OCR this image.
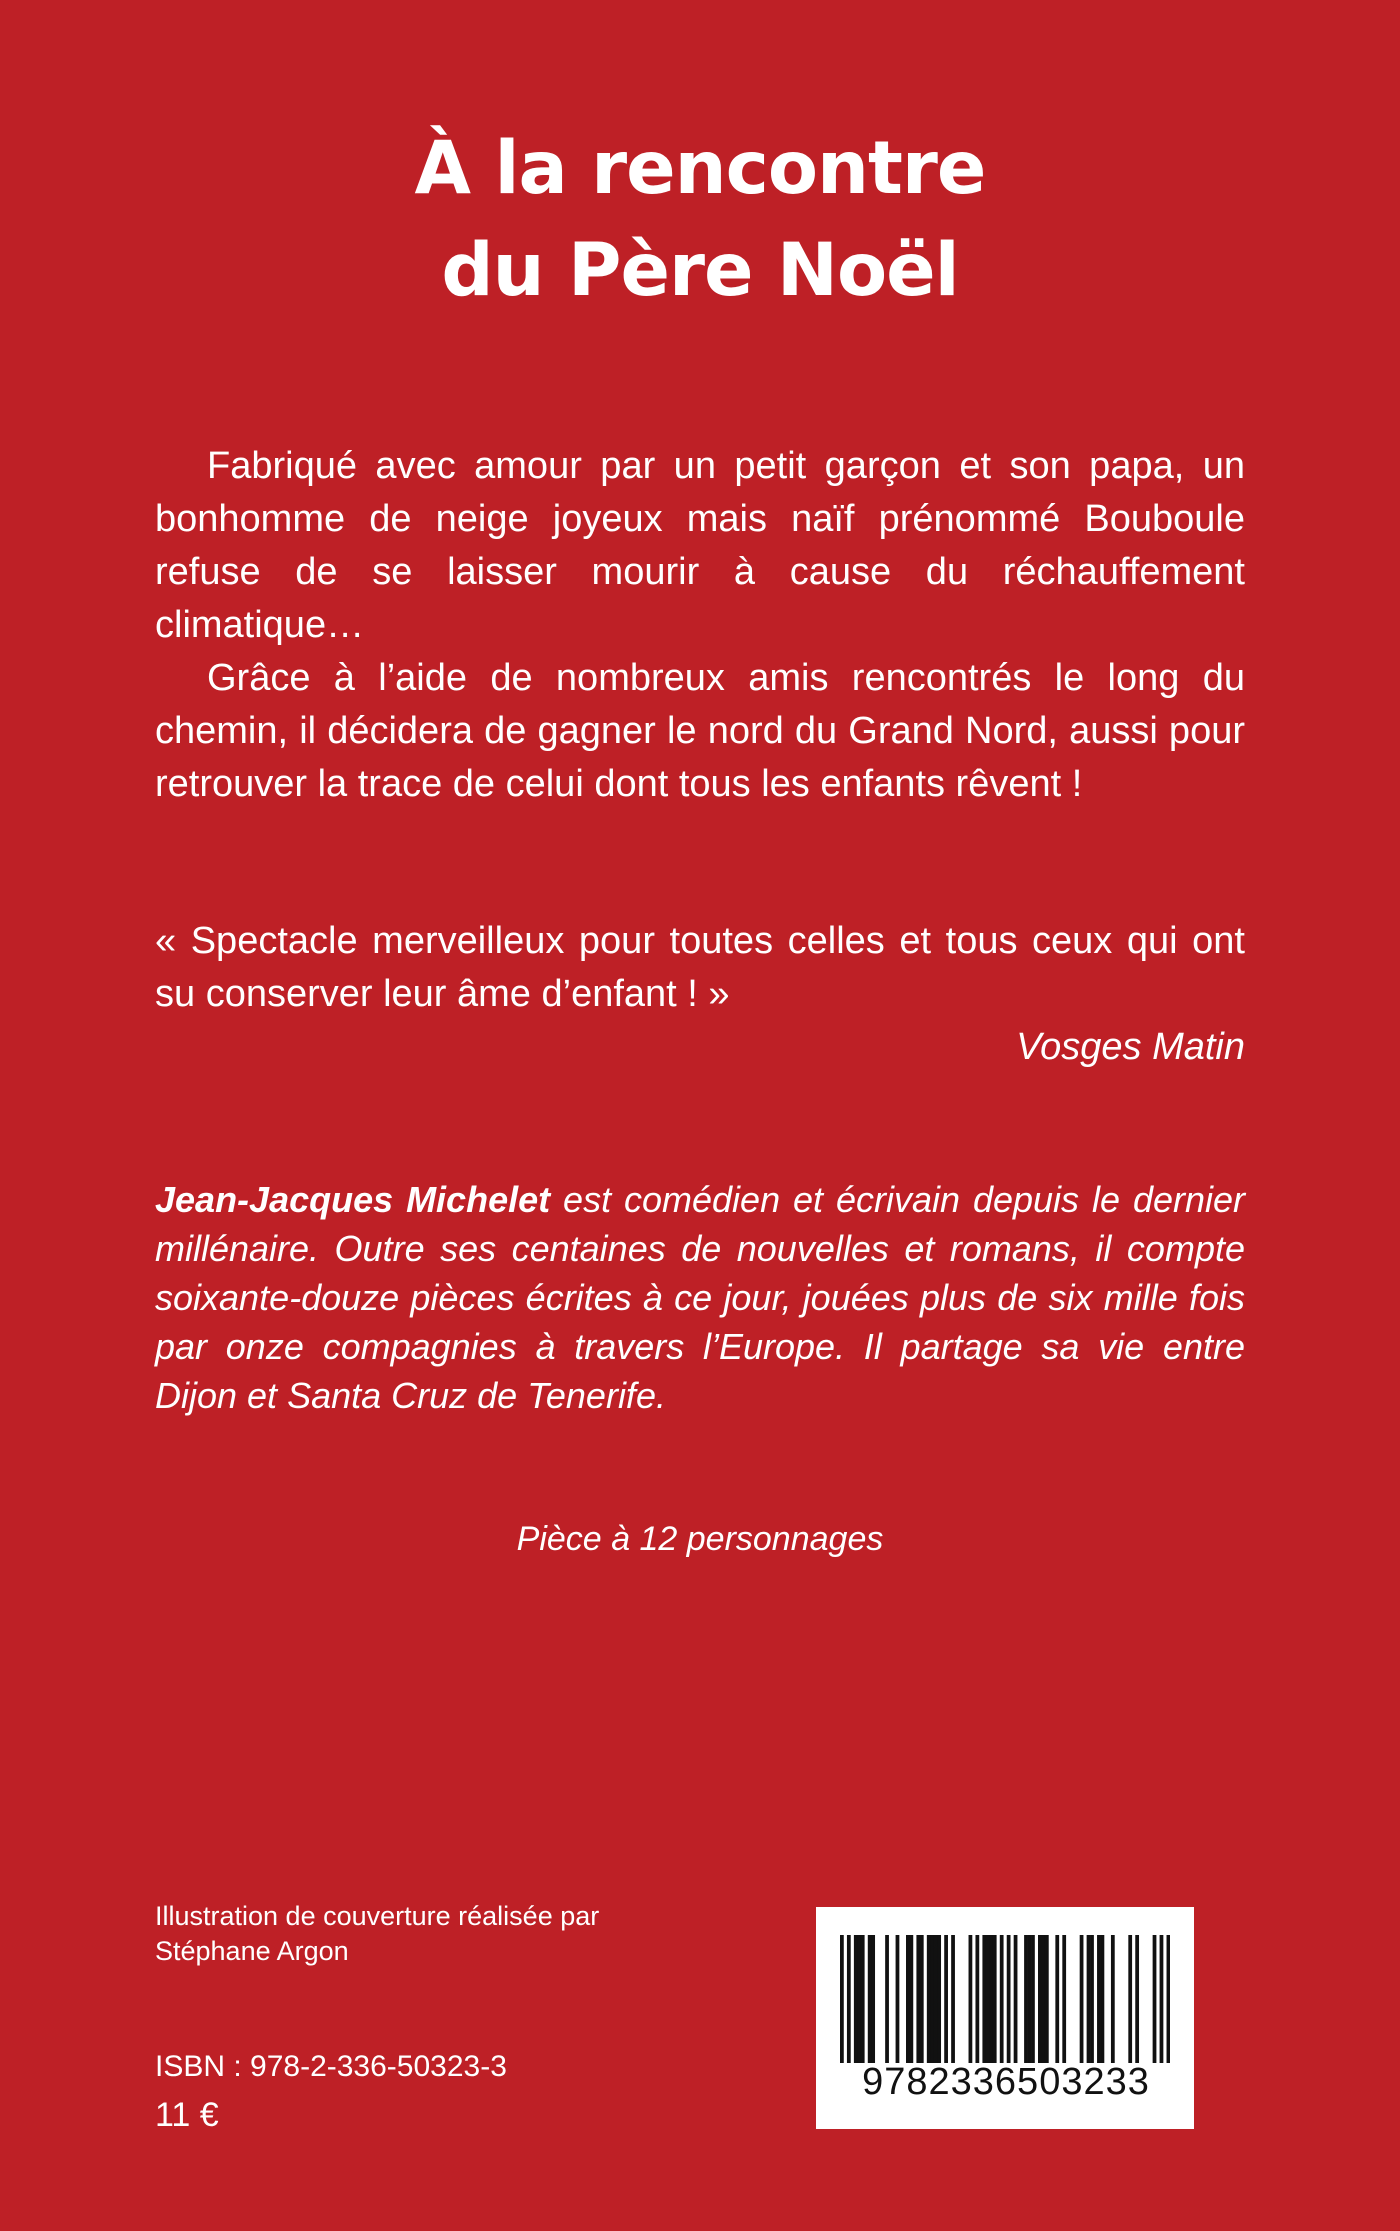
À la rencontre
du Père Noël

Fabriqué avec amour par un petit garçon et son papa, un bonhomme de neige joyeux mais naïf prénommé Bouboule refuse de se laisser mourir à cause du réchauffement climatique…

Grâce à l’aide de nombreux amis rencontrés le long du chemin, il décidera de gagner le nord du Grand Nord, aussi pour retrouver la trace de celui dont tous les enfants rêvent !

« Spectacle merveilleux pour toutes celles et tous ceux qui ont su conserver leur âme d’enfant ! »

Vosges Matin

Jean-Jacques Michelet est comédien et écrivain depuis le dernier millénaire. Outre ses centaines de nouvelles et romans, il compte soixante-douze pièces écrites à ce jour, jouées plus de six mille fois par onze compagnies à travers l’Europe. Il partage sa vie entre Dijon et Santa Cruz de Tenerife.

Pièce à 12 personnages
Illustration de couverture réalisée par
Stéphane Argon
ISBN : 978-2-336-50323-3
11 €
9782336503233
